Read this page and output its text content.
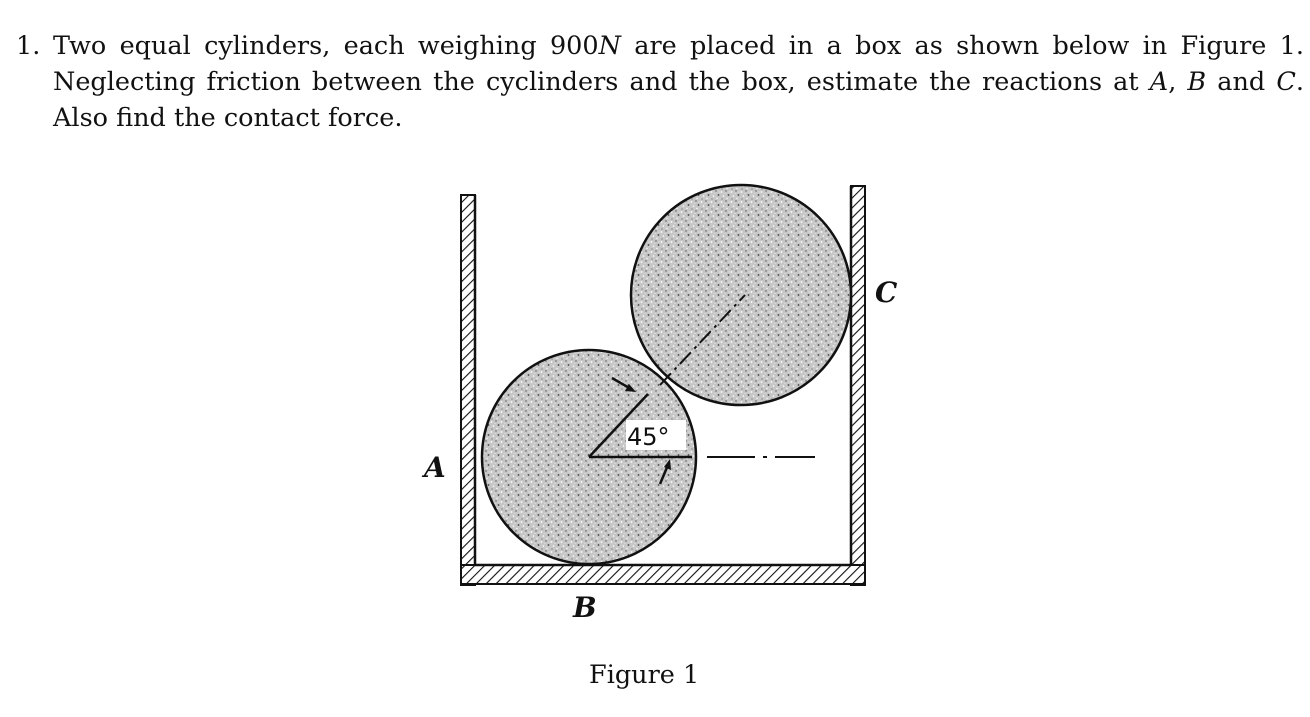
1. Two equal cylinders, each weighing 900N are placed in a box as shown below in Figure 1. Neglecting friction between the cyclinders and the box, estimate the reactions at A, B and C. Also find the contact force.
45°
A
B
C
Figure 1
